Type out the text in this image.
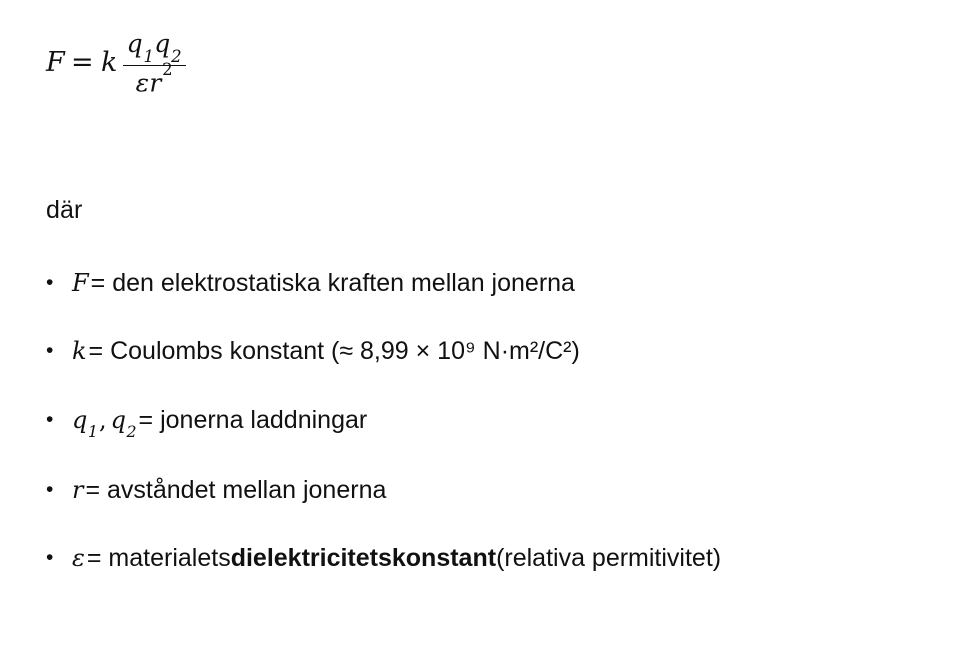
F = k $\frac{q_1q_2}{\varepsilon r^2}$

där

• F = den elektrostatiska kraften mellan jonerna
• k = Coulombs konstant (≈ 8,99 × 10⁹ N·m²/C²)
• $q_1$, $q_2$ = jonerna laddningar
• r = avståndet mellan jonerna
• ε = materialets dielektricitetskonstant (relativa permitivitet)
